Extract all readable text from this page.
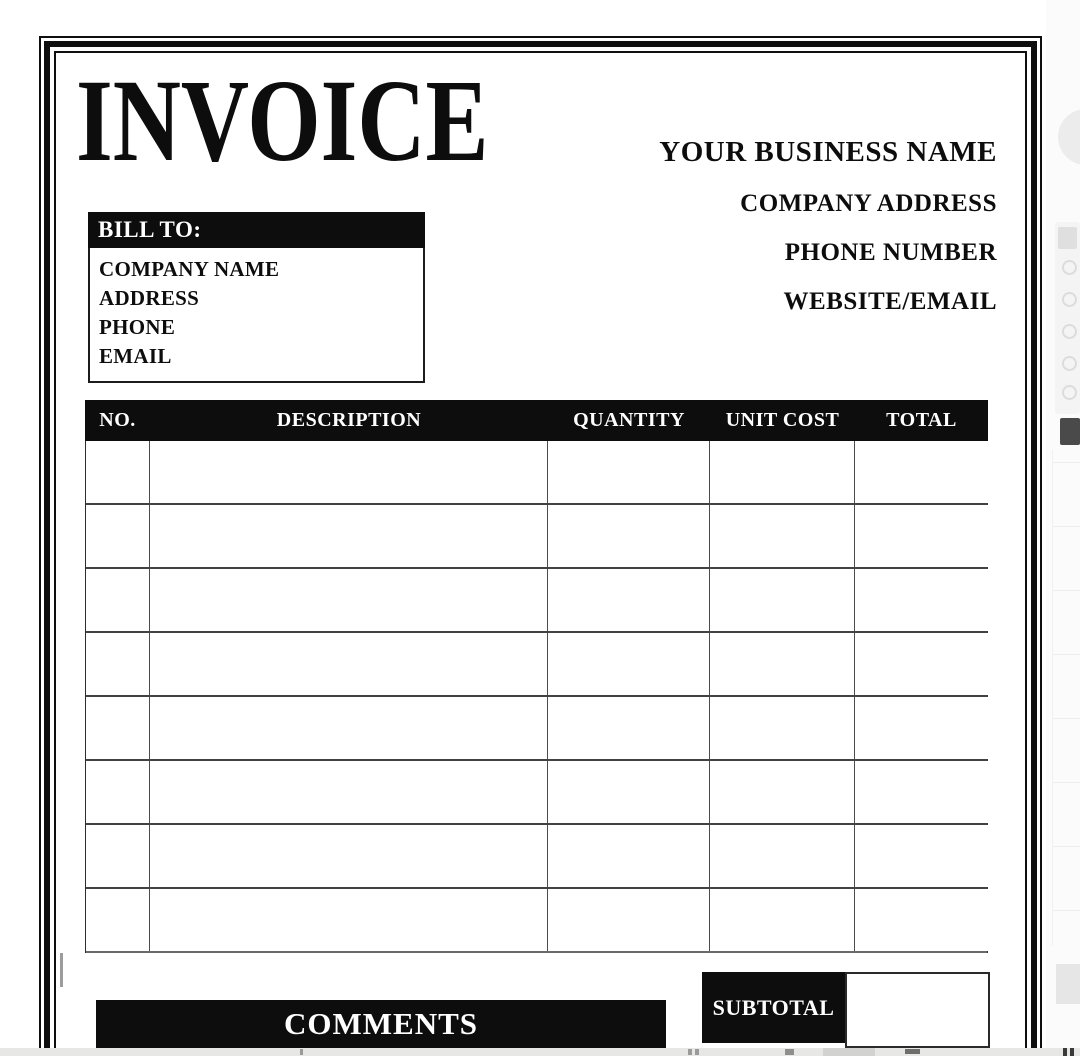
INVOICE	YOUR BUSINESS NAME
COMPANY ADDRESS
PHONE NUMBER
WEBSITE/EMAIL
BILL TO:
COMPANY NAME
ADDRESS
PHONE
EMAIL
NO.	DESCRIPTION	QUANTITY	UNIT COST	TOTAL
COMMENTS	SUBTOTAL
